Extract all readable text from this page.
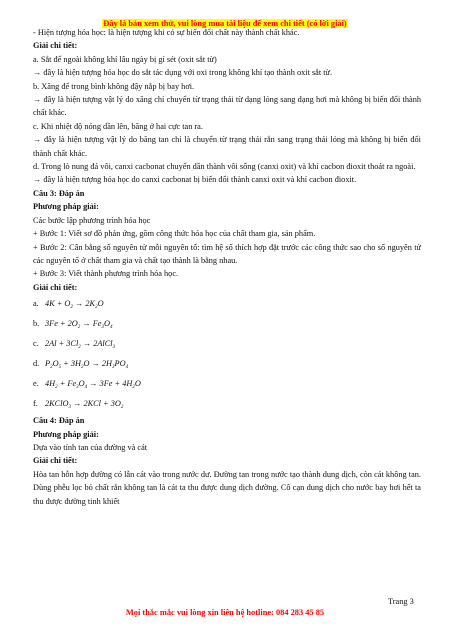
Đây là bản xem thử, vui lòng mua tài liệu để xem chi tiết (có lời giải)

- Hiện tượng hóa học: là hiện tượng khi có sự biến đổi chất này thành chất khác.

Giải chi tiết:

a. Sắt để ngoài không khí lâu ngày bị gỉ sét (oxit sắt từ)

→ đây là hiện tượng hóa học do sắt tác dụng với oxi trong không khí tạo thành oxit sắt từ.

b. Xăng để trong bình không đậy nắp bị bay hơi.

→ đây là hiện tượng vật lý do xăng chỉ chuyển từ trạng thái từ dạng lỏng sang dạng hơi mà không bị biến đổi thành chất khác.

c. Khi nhiệt độ nóng dần lên, băng ở hai cực tan ra.

→ đây là hiện tượng vật lý do băng tan chỉ là chuyển từ trạng thái rắn sang trạng thái lỏng mà không bị biến đổi thành chất khác.

d. Trong lò nung đá vôi, canxi cacbonat chuyển dần thành vôi sống (canxi oxit) và khí cacbon đioxit thoát ra ngoài.

→ đây là hiện tượng hóa học do canxi cacbonat bị biến đổi thành canxi oxit và khí cacbon đioxit.

Câu 3: Đáp án

Phương pháp giải:

Các bước lập phương trình hóa học

+ Bước 1: Viết sơ đồ phản ứng, gồm công thức hóa học của chất tham gia, sản phẩm.

+ Bước 2: Cân bằng số nguyên tử mỗi nguyên tố: tìm hệ số thích hợp đặt trước các công thức sao cho số nguyên tử các nguyên tố ở chất tham gia và chất tạo thành là bằng nhau.

+ Bước 3: Viết thành phương trình hóa học.

Giải chi tiết:

a. $4K + O_2 \to 2K_2O$
b. $3Fe + 2O_2 \to Fe_3O_4$
c. $2Al + 3Cl_2$ → 2AlCl$_3$
d. $P_2O_5 + 3H_2O \to 2H_3PO_4$
e. $4H_2 + Fe_3O_4 \to 3Fe + 4H_2O$
f. 2KClO$_3$ → $2KCl + 3O_2$

Câu 4: Đáp án

Phương pháp giải:

Dựa vào tính tan của đường và cát

Giải chi tiết:

Hòa tan hỗn hợp đường có lẫn cát vào trong nước dư. Đường tan trong nước tạo thành dung dịch, còn cát không tan. Dùng phễu lọc bỏ chất rắn không tan là cát ta thu được dung dịch đường. Cô cạn dung dịch cho nước bay hơi hết ta thu được đường tinh khiết

Trang 3
Mọi thắc mắc vui lòng xin liên hệ hotline: 084 283 45 85
